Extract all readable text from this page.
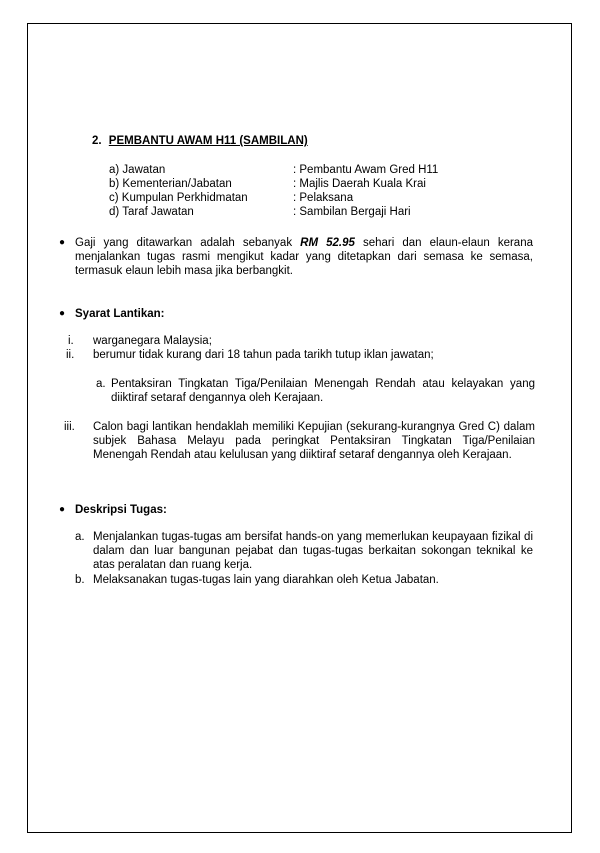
2. PEMBANTU AWAM H11 (SAMBILAN)
a) Jawatan	: Pembantu Awam Gred H11
b) Kementerian/Jabatan	: Majlis Daerah Kuala Krai
c) Kumpulan Perkhidmatan	: Pelaksana
d) Taraf Jawatan	: Sambilan Bergaji Hari
● Gaji yang ditawarkan adalah sebanyak RM 52.95 sehari dan elaun-elaun kerana menjalankan tugas rasmi mengikut kadar yang ditetapkan dari semasa ke semasa, termasuk elaun lebih masa jika berbangkit.
● Syarat Lantikan:
i. warganegara Malaysia;
ii. berumur tidak kurang dari 18 tahun pada tarikh tutup iklan jawatan;
a. Pentaksiran Tingkatan Tiga/Penilaian Menengah Rendah atau kelayakan yang diiktiraf setaraf dengannya oleh Kerajaan.
iii. Calon bagi lantikan hendaklah memiliki Kepujian (sekurang-kurangnya Gred C) dalam subjek Bahasa Melayu pada peringkat Pentaksiran Tingkatan Tiga/Penilaian Menengah Rendah atau kelulusan yang diiktiraf setaraf dengannya oleh Kerajaan.
● Deskripsi Tugas:
a. Menjalankan tugas-tugas am bersifat hands-on yang memerlukan keupayaan fizikal di dalam dan luar bangunan pejabat dan tugas-tugas berkaitan sokongan teknikal ke atas peralatan dan ruang kerja.
b. Melaksanakan tugas-tugas lain yang diarahkan oleh Ketua Jabatan.
